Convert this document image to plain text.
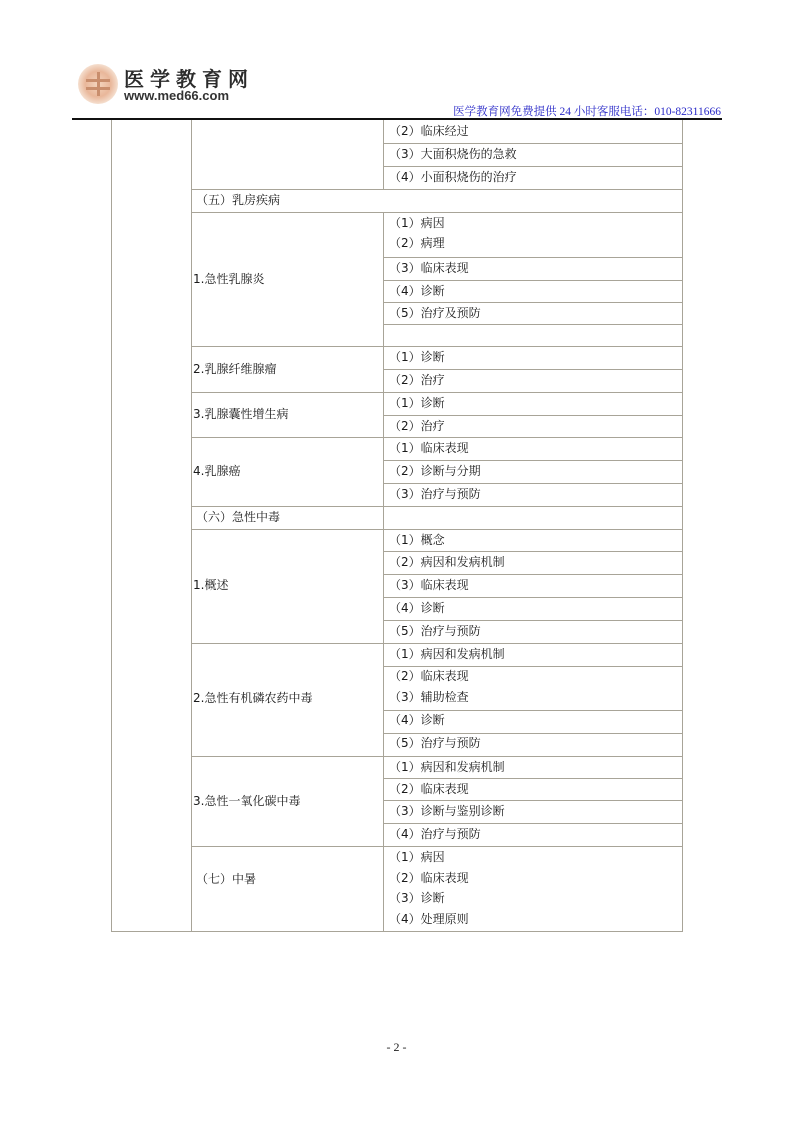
医学教育网
www.med66.com
医学教育网免费提供 24 小时客服电话：010-82311666
（2）临床经过
（3）大面积烧伤的急救
（4）小面积烧伤的治疗
（五）乳房疾病
1.急性乳腺炎
（1）病因
（2）病理
（3）临床表现
（4）诊断
（5）治疗及预防
2.乳腺纤维腺瘤
（1）诊断
（2）治疗
3.乳腺囊性增生病
（1）诊断
（2）治疗
4.乳腺癌
（1）临床表现
（2）诊断与分期
（3）治疗与预防
（六）急性中毒
1.概述
（1）概念
（2）病因和发病机制
（3）临床表现
（4）诊断
（5）治疗与预防
2.急性有机磷农药中毒
（1）病因和发病机制
（2）临床表现
（3）辅助检查
（4）诊断
（5）治疗与预防
3.急性一氧化碳中毒
（1）病因和发病机制
（2）临床表现
（3）诊断与鉴别诊断
（4）治疗与预防
（七）中暑
（1）病因
（2）临床表现
（3）诊断
（4）处理原则
- 2 -
